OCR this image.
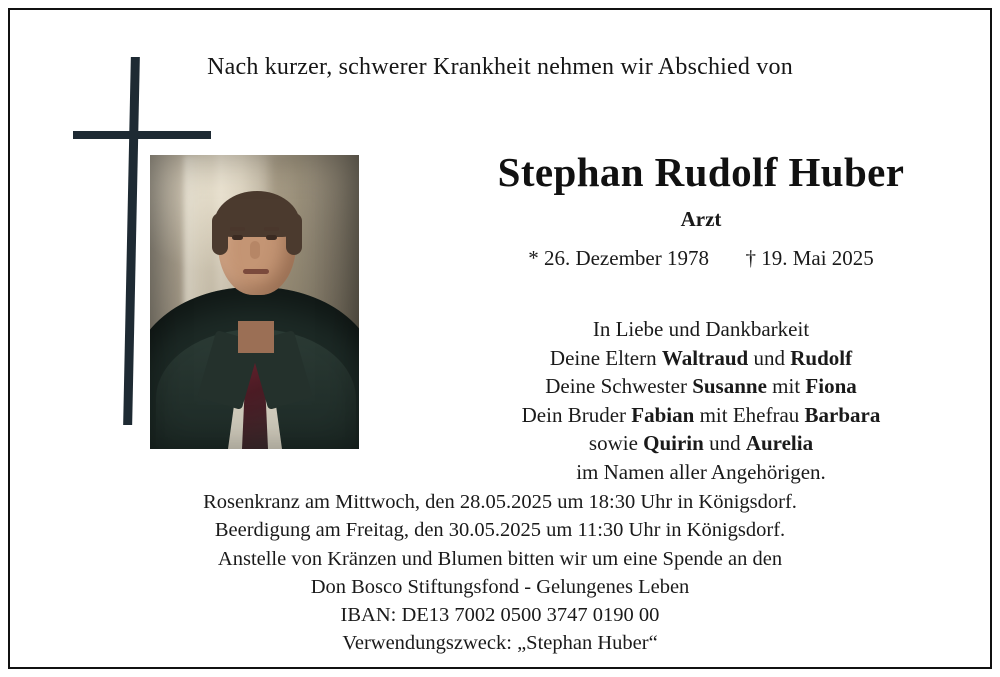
Nach kurzer, schwerer Krankheit nehmen wir Abschied von
Stephan Rudolf Huber
Arzt
* 26. Dezember 1978 † 19. Mai 2025
In Liebe und Dankbarkeit
Deine Eltern Waltraud und Rudolf
Deine Schwester Susanne mit Fiona
Dein Bruder Fabian mit Ehefrau Barbara
sowie Quirin und Aurelia
im Namen aller Angehörigen.
Rosenkranz am Mittwoch, den 28.05.2025 um 18:30 Uhr in Königsdorf.
Beerdigung am Freitag, den 30.05.2025 um 11:30 Uhr in Königsdorf.
Anstelle von Kränzen und Blumen bitten wir um eine Spende an den
Don Bosco Stiftungsfond - Gelungenes Leben
IBAN: DE13 7002 0500 3747 0190 00
Verwendungszweck: „Stephan Huber“
